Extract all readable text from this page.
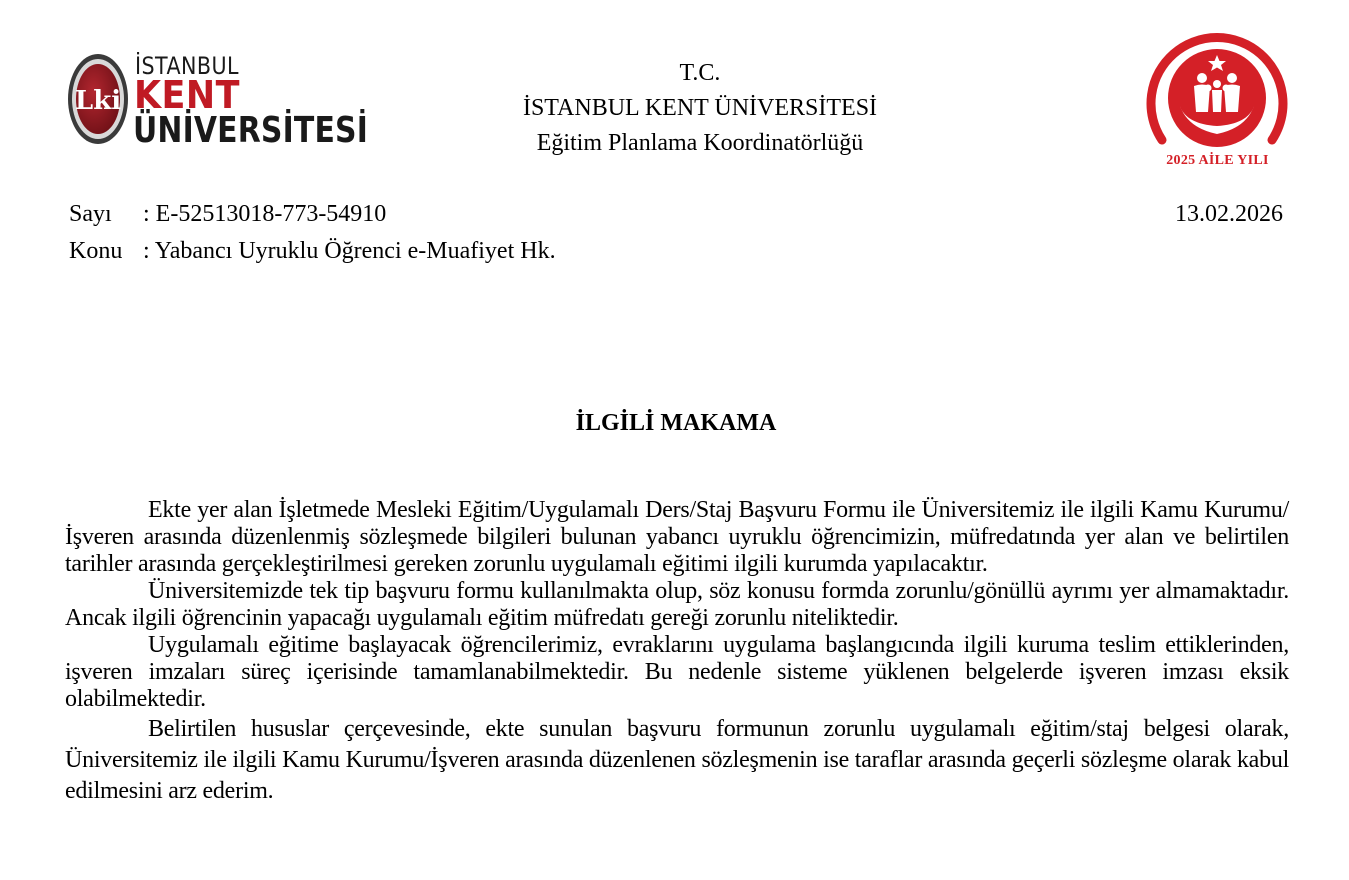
Lki
İSTANBUL
KENT
ÜNİVERSİTESİ
T.C.
İSTANBUL KENT ÜNİVERSİTESİ
Eğitim Planlama Koordinatörlüğü
2025 AİLE YILI
Sayı : E-52513018-773-54910
Konu : Yabancı Uyruklu Öğrenci e-Muafiyet Hk.
13.02.2026
İLGİLİ MAKAMA

Ekte yer alan İşletmede Mesleki Eğitim/Uygulamalı Ders/Staj Başvuru Formu ile Üniversitemiz ile ilgili Kamu Kurumu/İşveren arasında düzenlenmiş sözleşmede bilgileri bulunan yabancı uyruklu öğrencimizin, müfredatında yer alan ve belirtilen tarihler arasında gerçekleştirilmesi gereken zorunlu uygulamalı eğitimi ilgili kurumda yapılacaktır.

Üniversitemizde tek tip başvuru formu kullanılmakta olup, söz konusu formda zorunlu/gönüllü ayrımı yer almamaktadır. Ancak ilgili öğrencinin yapacağı uygulamalı eğitim müfredatı gereği zorunlu niteliktedir.

Uygulamalı eğitime başlayacak öğrencilerimiz, evraklarını uygulama başlangıcında ilgili kuruma teslim ettiklerinden, işveren imzaları süreç içerisinde tamamlanabilmektedir. Bu nedenle sisteme yüklenen belgelerde işveren imzası eksik olabilmektedir.

Belirtilen hususlar çerçevesinde, ekte sunulan başvuru formunun zorunlu uygulamalı eğitim/staj belgesi olarak, Üniversitemiz ile ilgili Kamu Kurumu/İşveren arasında düzenlenen sözleşmenin ise taraflar arasında geçerli sözleşme olarak kabul edilmesini arz ederim.
